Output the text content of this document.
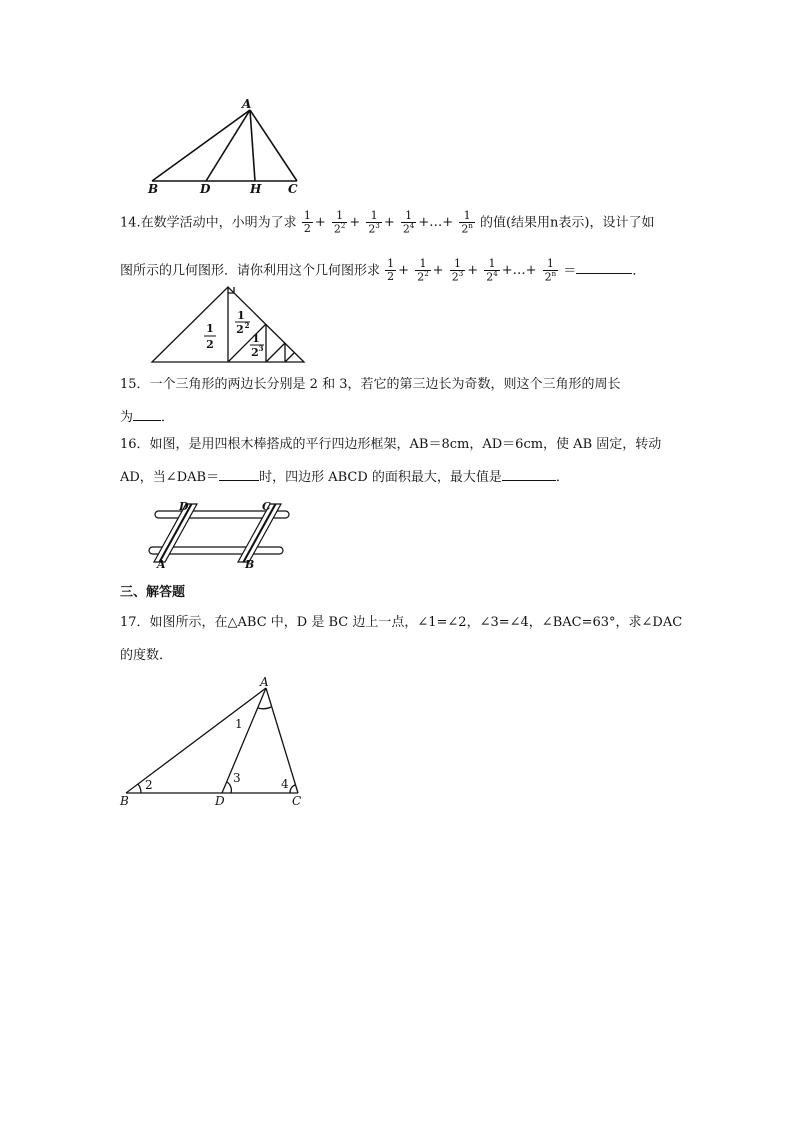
A
B	D	H C
14.在数学活动中，小明为了求 $\frac{1}{2} + \frac{1}{2^2} + \frac{1}{2^3} + \frac{1}{2^4}$ +…+ $\frac{1}{2^n}$ 的值(结果用n表示)，设计了如
图所示的几何图形．请你利用这个几何图形求 $\frac{1}{2} + \frac{1}{2^2} + \frac{1}{2^3} + \frac{1}{2^4}$ +…+ $\frac{1}{2^n}$ ＝	．
1
2
1
2 2
1
2 3
15．一个三角形的两边长分别是 2 和 3，若它的第三边长为奇数，则这个三角形的周长
为 ．
16．如图，是用四根木棒搭成的平行四边形框架，AB＝8cm，AD＝6cm，使 AB 固定，转动
AD，当∠DAB＝	时，四边形 ABCD 的面积最大，最大值是	．
D	C
A	B
三、解答题
17．如图所示，在△ABC 中，D 是 BC 边上一点，∠1=∠2，∠3=∠4，∠BAC=63°，求∠DAC
的度数．
A
B	D	C
1
2	3	4
